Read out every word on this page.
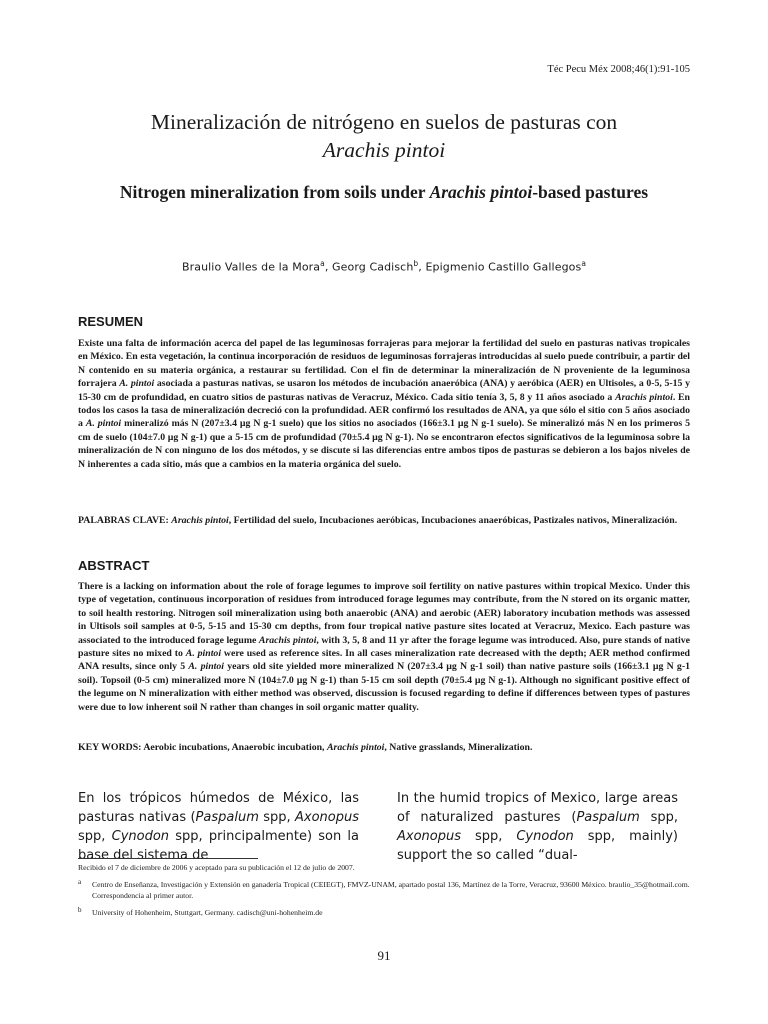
Téc Pecu Méx 2008;46(1):91-105
Mineralización de nitrógeno en suelos de pasturas con
Arachis pintoi
Nitrogen mineralization from soils under Arachis pintoi-based pastures
Braulio Valles de la Mora$^a$, Georg Cadisch$^b$, Epigmenio Castillo Gallegos$^a$
RESUMEN
Existe una falta de información acerca del papel de las leguminosas forrajeras para mejorar la fertilidad del suelo en pasturas nativas tropicales en México. En esta vegetación, la continua incorporación de residuos de leguminosas forrajeras introducidas al suelo puede contribuir, a partir del N contenido en su materia orgánica, a restaurar su fertilidad. Con el fin de determinar la mineralización de N proveniente de la leguminosa forrajera A. pintoi asociada a pasturas nativas, se usaron los métodos de incubación anaeróbica (ANA) y aeróbica (AER) en Ultisoles, a 0-5, 5-15 y 15-30 cm de profundidad, en cuatro sitios de pasturas nativas de Veracruz, México. Cada sitio tenía 3, 5, 8 y 11 años asociado a Arachis pintoi. En todos los casos la tasa de mineralización decreció con la profundidad. AER confirmó los resultados de ANA, ya que sólo el sitio con 5 años asociado a A. pintoi mineralizó más N (207±3.4 µg N g-1 suelo) que los sitios no asociados (166±3.1 µg N g-1 suelo). Se mineralizó más N en los primeros 5 cm de suelo (104±7.0 µg N g-1) que a 5-15 cm de profundidad (70±5.4 µg N g-1). No se encontraron efectos significativos de la leguminosa sobre la mineralización de N con ninguno de los dos métodos, y se discute si las diferencias entre ambos tipos de pasturas se debieron a los bajos niveles de N inherentes a cada sitio, más que a cambios en la materia orgánica del suelo.
PALABRAS CLAVE: Arachis pintoi, Fertilidad del suelo, Incubaciones aeróbicas, Incubaciones anaeróbicas, Pastizales nativos, Mineralización.
ABSTRACT
There is a lacking on information about the role of forage legumes to improve soil fertility on native pastures within tropical Mexico. Under this type of vegetation, continuous incorporation of residues from introduced forage legumes may contribute, from the N stored on its organic matter, to soil health restoring. Nitrogen soil mineralization using both anaerobic (ANA) and aerobic (AER) laboratory incubation methods was assessed in Ultisols soil samples at 0-5, 5-15 and 15-30 cm depths, from four tropical native pasture sites located at Veracruz, Mexico. Each pasture was associated to the introduced forage legume Arachis pintoi, with 3, 5, 8 and 11 yr after the forage legume was introduced. Also, pure stands of native pasture sites no mixed to A. pintoi were used as reference sites. In all cases mineralization rate decreased with the depth; AER method confirmed ANA results, since only 5 A. pintoi years old site yielded more mineralized N (207±3.4 µg N g-1 soil) than native pasture soils (166±3.1 µg N g-1 soil). Topsoil (0-5 cm) mineralized more N (104±7.0 µg N g-1) than 5-15 cm soil depth (70±5.4 µg N g-1). Although no significant positive effect of the legume on N mineralization with either method was observed, discussion is focused regarding to define if differences between types of pastures were due to low inherent soil N rather than changes in soil organic matter quality.
KEY WORDS: Aerobic incubations, Anaerobic incubation, Arachis pintoi, Native grasslands, Mineralization.
En los trópicos húmedos de México, las pasturas nativas (Paspalum spp, Axonopus spp, Cynodon spp, principalmente) son la base del sistema de
In the humid tropics of Mexico, large areas of naturalized pastures (Paspalum spp, Axonopus spp, Cynodon spp, mainly) support the so called “dual-
Recibido el 7 de diciembre de 2006 y aceptado para su publicación el 12 de julio de 2007.
a Centro de Enseñanza, Investigación y Extensión en ganadería Tropical (CEIEGT), FMVZ-UNAM, apartado postal 136, Martínez de la Torre, Veracruz, 93600 México. braulio_35@hotmail.com. Correspondencia al primer autor.
b University of Hohenheim, Stuttgart, Germany. cadisch@uni-hohenheim.de
91
